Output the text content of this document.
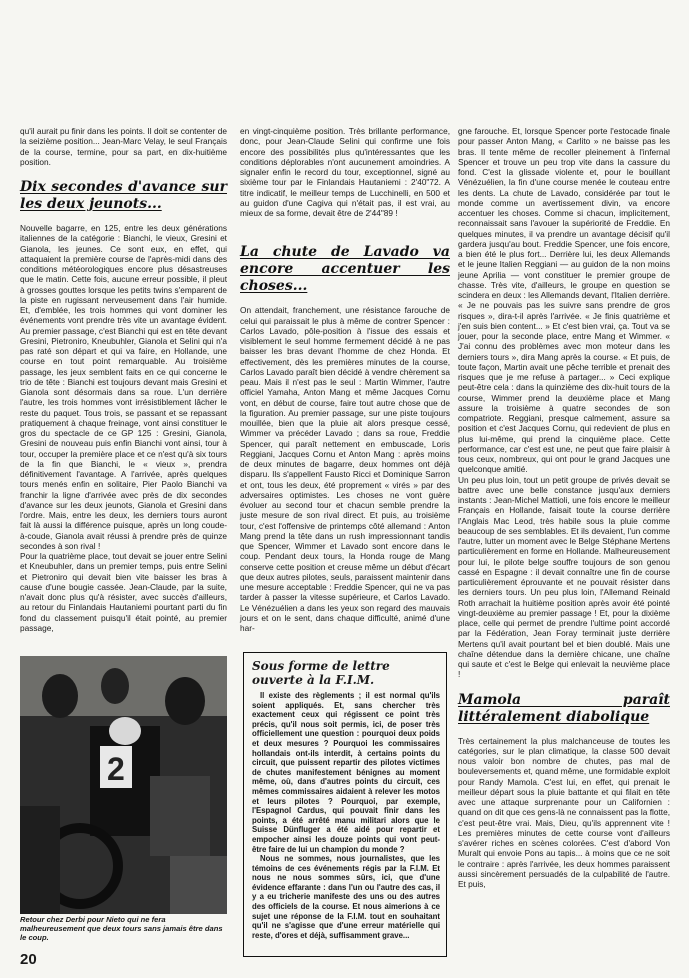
qu'il aurait pu finir dans les points. Il doit se contenter de la seizième position... Jean-Marc Velay, le seul Français de la course, termine, pour sa part, en dix-huitième position.

Dix secondes d'avance sur les deux jeunots...

Nouvelle bagarre, en 125, entre les deux générations italiennes de la catégorie : Bianchi, le vieux, Gresini et Gianola, les jeunes. Ce sont eux, en effet, qui attaquaient la première course de l'après-midi dans des conditions météorologiques encore plus désastreuses que le matin. Cette fois, aucune erreur possible, il pleut à grosses gouttes lorsque les petits twins s'emparent de la piste en rugissant nerveusement dans l'air humide. Et, d'emblée, les trois hommes qui vont dominer les événements vont prendre très vite un avantage évident. Au premier passage, c'est Bianchi qui est en tête devant Gresini, Pietroniro, Kneubuhler, Gianola et Selini qui n'a pas raté son départ et qui va faire, en Hollande, une course en tout point remarquable. Au troisième passage, les jeux semblent faits en ce qui concerne le trio de tête : Bianchi est toujours devant mais Gresini et Gianola sont désormais dans sa roue. L'un derrière l'autre, les trois hommes vont irrésistiblement lâcher le reste du paquet. Tous trois, se passant et se repassant pratiquement à chaque freinage, vont ainsi constituer le gros du spectacle de ce GP 125 : Gresini, Gianola, Gresini de nouveau puis enfin Bianchi vont ainsi, tour à tour, occuper la première place et ce n'est qu'à six tours de la fin que Bianchi, le « vieux », prendra définitivement l'avantage. A l'arrivée, après quelques tours menés enfin en solitaire, Pier Paolo Bianchi va franchir la ligne d'arrivée avec près de dix secondes d'avance sur les deux jeunots, Gianola et Gresini dans l'ordre. Mais, entre les deux, les derniers tours auront fait là aussi la différence puisque, après un long coude-à-coude, Gianola avait réussi à prendre près de quinze secondes à son rival !

Pour la quatrième place, tout devait se jouer entre Selini et Kneubuhler, dans un premier temps, puis entre Selini et Pietroniro qui devait bien vite baisser les bras à cause d'une bougie cassée. Jean-Claude, par la suite, n'avait donc plus qu'à résister, avec succès d'ailleurs, au retour du Finlandais Hautaniemi pourtant parti du fin fond du classement puisqu'il était pointé, au premier passage,

2
Retour chez Derbi pour Nieto qui ne fera malheureusement que deux tours sans jamais être dans le coup.
20

en vingt-cinquième position. Très brillante performance, donc, pour Jean-Claude Selini qui confirme une fois encore des possibilités plus qu'intéressantes que les conditions déplorables n'ont aucunement amoindries. A signaler enfin le record du tour, exceptionnel, signé au sixième tour par le Finlandais Hautaniemi : 2'40"72. A titre indicatif, le meilleur temps de Lucchinelli, en 500 et au guidon d'une Cagiva qui n'était pas, il est vrai, au mieux de sa forme, devait être de 2'44"89 !

La chute de Lavado va encore accentuer les choses...

On attendait, franchement, une résistance farouche de celui qui paraissait le plus à même de contrer Spencer : Carlos Lavado, pôle-position à l'issue des essais et visiblement le seul homme fermement décidé à ne pas baisser les bras devant l'homme de chez Honda. Et effectivement, dès les premières minutes de la course, Carlos Lavado paraît bien décidé à vendre chèrement sa peau. Mais il n'est pas le seul : Martin Wimmer, l'autre officiel Yamaha, Anton Mang et même Jacques Cornu vont, en début de course, faire tout autre chose que de la figuration. Au premier passage, sur une piste toujours mouillée, bien que la pluie ait alors presque cessé, Wimmer va précéder Lavado ; dans sa roue, Freddie Spencer, qui paraît nettement en embuscade, Loris Reggiani, Jacques Cornu et Anton Mang : après moins de deux minutes de bagarre, deux hommes ont déjà disparu. Ils s'appellent Fausto Ricci et Dominique Sarron et ont, tous les deux, été proprement « virés » par des adversaires optimistes. Les choses ne vont guère évoluer au second tour et chacun semble prendre la juste mesure de son rival direct. Et puis, au troisième tour, c'est l'offensive de printemps côté allemand : Anton Mang prend la tête dans un rush impressionnant tandis que Spencer, Wimmer et Lavado sont encore dans le coup. Pendant deux tours, la Honda rouge de Mang conserve cette position et creuse même un début d'écart que deux autres pilotes, seuls, paraissent maintenir dans une mesure acceptable : Freddie Spencer, qui ne va pas tarder à passer la vitesse supérieure, et Carlos Lavado. Le Vénézuélien a dans les yeux son regard des mauvais jours et on le sent, dans chaque difficulté, animé d'une har-

Sous forme de lettre ouverte à la F.I.M.

Il existe des règlements ; il est normal qu'ils soient appliqués. Et, sans chercher très exactement ceux qui régissent ce point très précis, qu'il nous soit permis, ici, de poser très officiellement une question : pourquoi deux poids et deux mesures ? Pourquoi les commissaires hollandais ont-ils interdit, à certains points du circuit, que puissent repartir des pilotes victimes de chutes manifestement bénignes au moment même, où, dans d'autres points du circuit, ces mêmes commissaires aidaient à relever les motos et leurs pilotes ? Pourquoi, par exemple, l'Espagnol Cardus, qui pouvait finir dans les points, a été arrêté manu militari alors que le Suisse Dünfluger a été aidé pour repartir et empocher ainsi les douze points qui vont peut-être faire de lui un champion du monde ?

Nous ne sommes, nous journalistes, que les témoins de ces événements régis par la F.I.M. Et nous ne nous sommes sûrs, ici, que d'une évidence effarante : dans l'un ou l'autre des cas, il y a eu tricherie manifeste des uns ou des autres des officiels de la course. Et nous aimerions à ce sujet une réponse de la F.I.M. tout en souhaitant qu'il ne s'agisse que d'une erreur matérielle qui reste, d'ores et déjà, suffisamment grave...

gne farouche. Et, lorsque Spencer porte l'estocade finale pour passer Anton Mang, « Carlito » ne baisse pas les bras. Il tente même de recoller pleinement à l'infernal Spencer et trouve un peu trop vite dans la cassure du fond. C'est la glissade violente et, pour le bouillant Vénézuélien, la fin d'une course menée le couteau entre les dents. La chute de Lavado, considérée par tout le monde comme un avertissement divin, va encore accentuer les choses. Comme si chacun, implicitement, reconnaissait sans l'avouer la supériorité de Freddie. En quelques minutes, il va prendre un avantage décisif qu'il gardera jusqu'au bout. Freddie Spencer, une fois encore, a bien été le plus fort... Derrière lui, les deux Allemands et le jeune Italien Reggiani — au guidon de la non moins jeune Aprilia — vont constituer le premier groupe de chasse. Très vite, d'ailleurs, le groupe en question se scindera en deux : les Allemands devant, l'Italien derrière. « Je ne pouvais pas les suivre sans prendre de gros risques », dira-t-il après l'arrivée. « Je finis quatrième et j'en suis bien content... » Et c'est bien vrai, ça. Tout va se jouer, pour la seconde place, entre Mang et Wimmer. « J'ai connu des problèmes avec mon moteur dans les derniers tours », dira Mang après la course. « Et puis, de toute façon, Martin avait une pêche terrible et prenait des risques que je me refuse à partager... » Ceci explique peut-être cela : dans la quinzième des dix-huit tours de la course, Wimmer prend la deuxième place et Mang assure la troisième à quatre secondes de son compatriote. Reggiani, presque calmement, assure sa position et c'est Jacques Cornu, qui redevient de plus en plus lui-même, qui prend la cinquième place. Cette performance, car c'est est une, ne peut que faire plaisir à tous ceux, nombreux, qui ont pour le grand Jacques une quelconque amitié.

Un peu plus loin, tout un petit groupe de privés devait se battre avec une belle constance jusqu'aux derniers instants : Jean-Michel Mattioli, une fois encore le meilleur Français en Hollande, faisait toute la course derrière l'Anglais Mac Leod, très habile sous la pluie comme beaucoup de ses semblables. Et ils devaient, l'un comme l'autre, lutter un moment avec le Belge Stéphane Mertens particulièrement en forme en Hollande. Malheureusement pour lui, le pilote belge souffre toujours de son genou cassé en Espagne : il devait connaître une fin de course particulièrement éprouvante et ne pouvait résister dans les derniers tours. Un peu plus loin, l'Allemand Reinald Roth arrachait la huitième position après avoir été pointé vingt-deuxième au premier passage ! Et, pour la dixième place, celle qui permet de prendre l'ultime point accordé par la Fédération, Jean Foray terminait juste derrière Mertens qu'il avait pourtant bel et bien doublé. Mais une chaîne détendue dans la dernière chicane, une chaîne qui saute et c'est le Belge qui enlevait la neuvième place !

Mamola paraît littéralement diabolique

Très certainement la plus malchanceuse de toutes les catégories, sur le plan climatique, la classe 500 devait nous valoir bon nombre de chutes, pas mal de bouleversements et, quand même, une formidable exploit pour Randy Mamola. C'est lui, en effet, qui prenait le meilleur départ sous la pluie battante et qui filait en tête avec une attaque surprenante pour un Californien : quand on dit que ces gens-là ne connaissent pas la flotte, c'est peut-être vrai. Mais, Dieu, qu'ils apprennent vite ! Les premières minutes de cette course vont d'ailleurs s'avérer riches en scènes colorées. C'est d'abord Von Muralt qui envoie Pons au tapis... à moins que ce ne soit le contraire : après l'arrivée, les deux hommes paraissent aussi sincèrement persuadés de la culpabilité de l'autre. Et puis,
